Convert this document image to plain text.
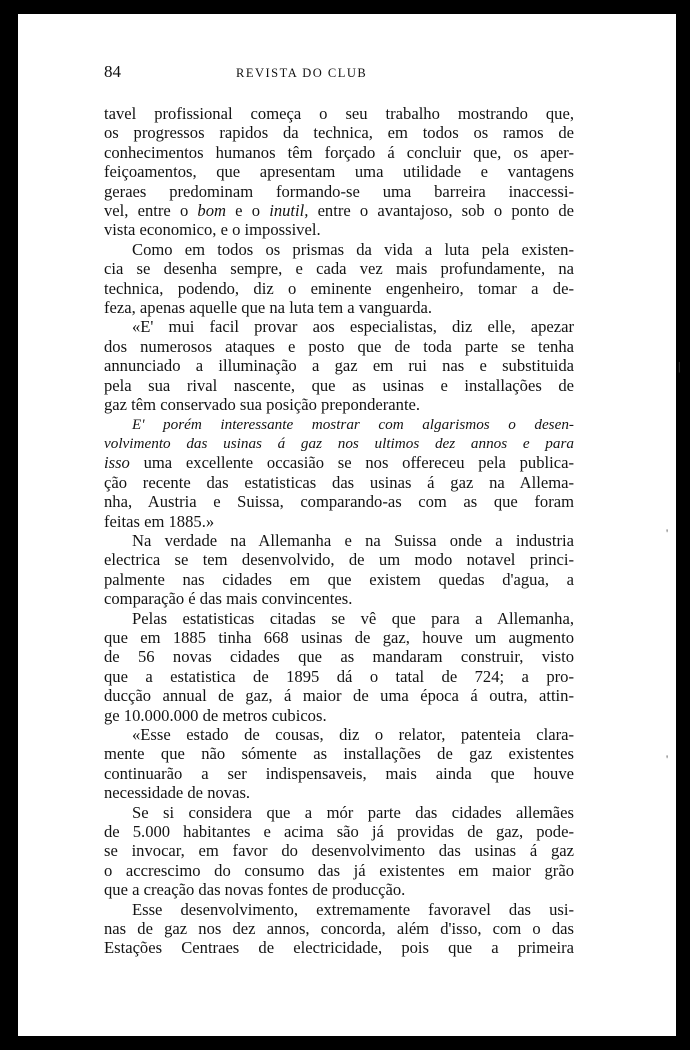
84	REVISTA DO CLUB
tavel profissional começa o seu trabalho mostrando que,
os progressos rapidos da technica, em todos os ramos de
conhecimentos humanos têm forçado á concluir que, os aper-
feiçoamentos, que apresentam uma utilidade e vantagens
geraes predominam formando-se uma barreira inaccessi-
vel, entre o bom e o inutil, entre o avantajoso, sob o ponto de
vista economico, e o impossivel.
Como em todos os prismas da vida a luta pela existen-
cia se desenha sempre, e cada vez mais profundamente, na
technica, podendo, diz o eminente engenheiro, tomar a de-
feza, apenas aquelle que na luta tem a vanguarda.
«E' mui facil provar aos especialistas, diz elle, apezar
dos numerosos ataques e posto que de toda parte se tenha
annunciado a illuminação a gaz em rui nas e substituida
pela sua rival nascente, que as usinas e installações de
gaz têm conservado sua posição preponderante.
E' porém interessante mostrar com algarismos o desen-
volvimento das usinas á gaz nos ultimos dez annos e para
isso uma excellente occasião se nos offereceu pela publica-
ção recente das estatisticas das usinas á gaz na Allema-
nha, Austria e Suissa, comparando-as com as que foram
feitas em 1885.»
Na verdade na Allemanha e na Suissa onde a industria
electrica se tem desenvolvido, de um modo notavel princi-
palmente nas cidades em que existem quedas d'agua, a
comparação é das mais convincentes.
Pelas estatisticas citadas se vê que para a Allemanha,
que em 1885 tinha 668 usinas de gaz, houve um augmento
de 56 novas cidades que as mandaram construir, visto
que a estatistica de 1895 dá o tatal de 724; a pro-
ducção annual de gaz, á maior de uma época á outra, attin-
ge 10.000.000 de metros cubicos.
«Esse estado de cousas, diz o relator, patenteia clara-
mente que não sómente as installações de gaz existentes
continuarão a ser indispensaveis, mais ainda que houve
necessidade de novas.
Se si considera que a mór parte das cidades allemães
de 5.000 habitantes e acima são já providas de gaz, pode-
se invocar, em favor do desenvolvimento das usinas á gaz
o accrescimo do consumo das já existentes em maior grão
que a creação das novas fontes de producção.
Esse desenvolvimento, extremamente favoravel das usi-
nas de gaz nos dez annos, concorda, além d'isso, com o das
Estações Centraes de electricidade, pois que a primeira
|
'
'
